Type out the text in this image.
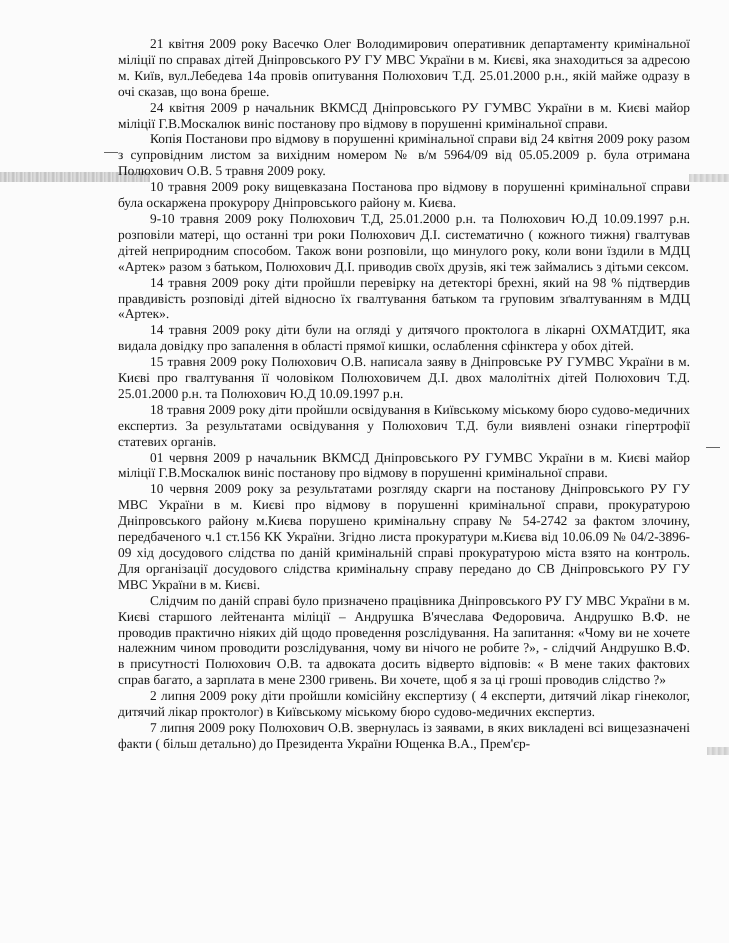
21 квітня 2009 року Васечко Олег Володимирович оперативник департаменту кримінальної міліції по справах дітей Дніпровського РУ ГУ МВС України в м. Києві, яка знаходиться за адресою м. Київ, вул.Лебедева 14а провів опитування Полюхович Т.Д. 25.01.2000 р.н., якій майже одразу в очі сказав, що вона бреше.

24 квітня 2009 р начальник ВКМСД Дніпровського РУ ГУМВС України в м. Києві майор міліції Г.В.Москалюк виніс постанову про відмову в порушенні кримінальної справи.

Копія Постанови про відмову в порушенні кримінальної справи від 24 квітня 2009 року разом з супровідним листом за вихідним номером № в/м 5964/09 від 05.05.2009 р. була отримана Полюхович О.В. 5 травня 2009 року.

10 травня 2009 року вищевказана Постанова про відмову в порушенні кримінальної справи була оскаржена прокурору Дніпровського району м. Києва.

9-10 травня 2009 року Полюхович Т.Д, 25.01.2000 р.н. та Полюхович Ю.Д 10.09.1997 р.н. розповіли матері, що останні три роки Полюхович Д.І. систематично ( кожного тижня) гвалтував дітей неприродним способом. Також вони розповіли, що минулого року, коли вони їздили в МДЦ «Артек» разом з батьком, Полюхович Д.І. приводив своїх друзів, які теж займались з дітьми сексом.

14 травня 2009 року діти пройшли перевірку на детекторі брехні, який на 98 % підтвердив правдивість розповіді дітей відносно їх гвалтування батьком та груповим зґвалтуванням в МДЦ «Артек».

14 травня 2009 року діти були на огляді у дитячого проктолога в лікарні ОХМАТДИТ, яка видала довідку про запалення в області прямої кишки, ослаблення сфінктера у обох дітей.

15 травня 2009 року Полюхович О.В. написала заяву в Дніпровське РУ ГУМВС України в м. Києві про гвалтування її чоловіком Полюховичем Д.І. двох малолітніх дітей Полюхович Т.Д. 25.01.2000 р.н. та Полюхович Ю.Д 10.09.1997 р.н.

18 травня 2009 року діти пройшли освідування в Київському міському бюро судово-медичних експертиз. За результатами освідування у Полюхович Т.Д. були виявлені ознаки гіпертрофії статевих органів.

01 червня 2009 р начальник ВКМСД Дніпровського РУ ГУМВС України в м. Києві майор міліції Г.В.Москалюк виніс постанову про відмову в порушенні кримінальної справи.

10 червня 2009 року за результатами розгляду скарги на постанову Дніпровського РУ ГУ МВС України в м. Києві про відмову в порушенні кримінальної справи, прокуратурою Дніпровського району м.Києва порушено кримінальну справу № 54-2742 за фактом злочину, передбаченого ч.1 ст.156 КК України. Згідно листа прокуратури м.Києва від 10.06.09 № 04/2-3896-09 хід досудового слідства по даній кримінальній справі прокуратурою міста взято на контроль. Для організації досудового слідства кримінальну справу передано до СВ Дніпровського РУ ГУ МВС України в м. Києві.

Слідчим по даній справі було призначено працівника Дніпровського РУ ГУ МВС України в м. Києві старшого лейтенанта міліції – Андрушка В'ячеслава Федоровича. Андрушко В.Ф. не проводив практично ніяких дій щодо проведення розслідування. На запитання: «Чому ви не хочете належним чином проводити розслідування, чому ви нічого не робите ?», - слідчий Андрушко В.Ф. в присутності Полюхович О.В. та адвоката досить відверто відповів: « В мене таких фактових справ багато, а зарплата в мене 2300 гривень. Ви хочете, щоб я за ці гроші проводив слідство ?»

2 липня 2009 року діти пройшли комісійну експертизу ( 4 експерти, дитячий лікар гінеколог, дитячий лікар проктолог) в Київському міському бюро судово-медичних експертиз.

7 липня 2009 року Полюхович О.В. звернулась із заявами, в яких викладені всі вищезазначені факти ( більш детально) до Президента України Ющенка В.А., Прем'єр-
